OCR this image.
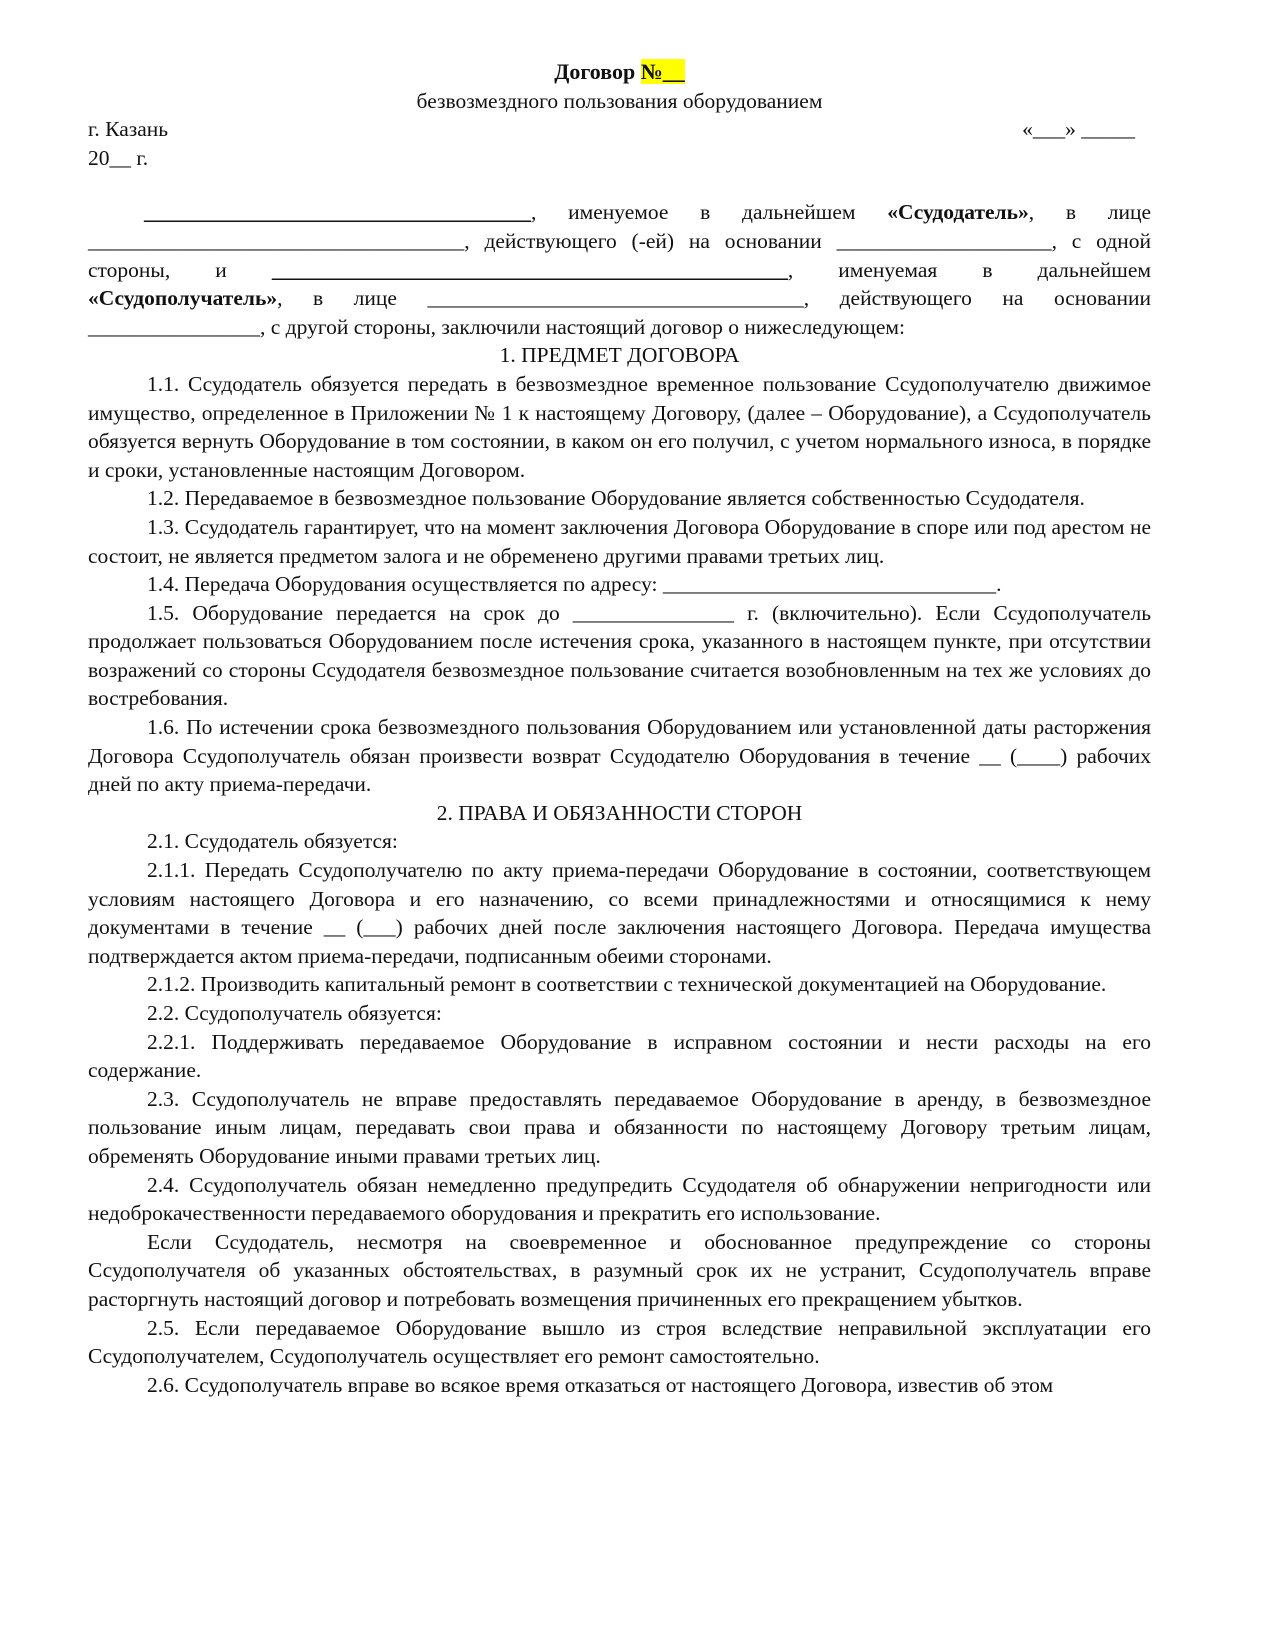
Договор №__
безвозмездного пользования оборудованием
г. Казань	«___» _____
20__ г.

____________________________________, именуемое в дальнейшем «Ссудодатель», в лице ___________________________________, действующего (-ей) на основании ____________________, с одной стороны, и ________________________________________________, именуемая в дальнейшем «Ссудополучатель», в лице ___________________________________, действующего на основании ________________, с другой стороны, заключили настоящий договор о нижеследующем:

1. ПРЕДМЕТ ДОГОВОРА

1.1. Ссудодатель обязуется передать в безвозмездное временное пользование Ссудополучателю движимое имущество, определенное в Приложении № 1 к настоящему Договору, (далее – Оборудование), а Ссудополучатель обязуется вернуть Оборудование в том состоянии, в каком он его получил, с учетом нормального износа, в порядке и сроки, установленные настоящим Договором.

1.2. Передаваемое в безвозмездное пользование Оборудование является собственностью Ссудодателя.

1.3. Ссудодатель гарантирует, что на момент заключения Договора Оборудование в споре или под арестом не состоит, не является предметом залога и не обременено другими правами третьих лиц.

1.4. Передача Оборудования осуществляется по адресу: _______________________________.

1.5. Оборудование передается на срок до _______________ г. (включительно). Если Ссудополучатель продолжает пользоваться Оборудованием после истечения срока, указанного в настоящем пункте, при отсутствии возражений со стороны Ссудодателя безвозмездное пользование считается возобновленным на тех же условиях до востребования.

1.6. По истечении срока безвозмездного пользования Оборудованием или установленной даты расторжения Договора Ссудополучатель обязан произвести возврат Ссудодателю Оборудования в течение __ (____) рабочих дней по акту приема-передачи.

2. ПРАВА И ОБЯЗАННОСТИ СТОРОН

2.1. Ссудодатель обязуется:

2.1.1. Передать Ссудополучателю по акту приема-передачи Оборудование в состоянии, соответствующем условиям настоящего Договора и его назначению, со всеми принадлежностями и относящимися к нему документами в течение __ (___) рабочих дней после заключения настоящего Договора. Передача имущества подтверждается актом приема-передачи, подписанным обеими сторонами.

2.1.2. Производить капитальный ремонт в соответствии с технической документацией на Оборудование.

2.2. Ссудополучатель обязуется:

2.2.1. Поддерживать передаваемое Оборудование в исправном состоянии и нести расходы на его содержание.

2.3. Ссудополучатель не вправе предоставлять передаваемое Оборудование в аренду, в безвозмездное пользование иным лицам, передавать свои права и обязанности по настоящему Договору третьим лицам, обременять Оборудование иными правами третьих лиц.

2.4. Ссудополучатель обязан немедленно предупредить Ссудодателя об обнаружении непригодности или недоброкачественности передаваемого оборудования и прекратить его использование.

Если Ссудодатель, несмотря на своевременное и обоснованное предупреждение со стороны Ссудополучателя об указанных обстоятельствах, в разумный срок их не устранит, Ссудополучатель вправе расторгнуть настоящий договор и потребовать возмещения причиненных его прекращением убытков.

2.5. Если передаваемое Оборудование вышло из строя вследствие неправильной эксплуатации его Ссудополучателем, Ссудополучатель осуществляет его ремонт самостоятельно.

2.6. Ссудополучатель вправе во всякое время отказаться от настоящего Договора, известив об этом
